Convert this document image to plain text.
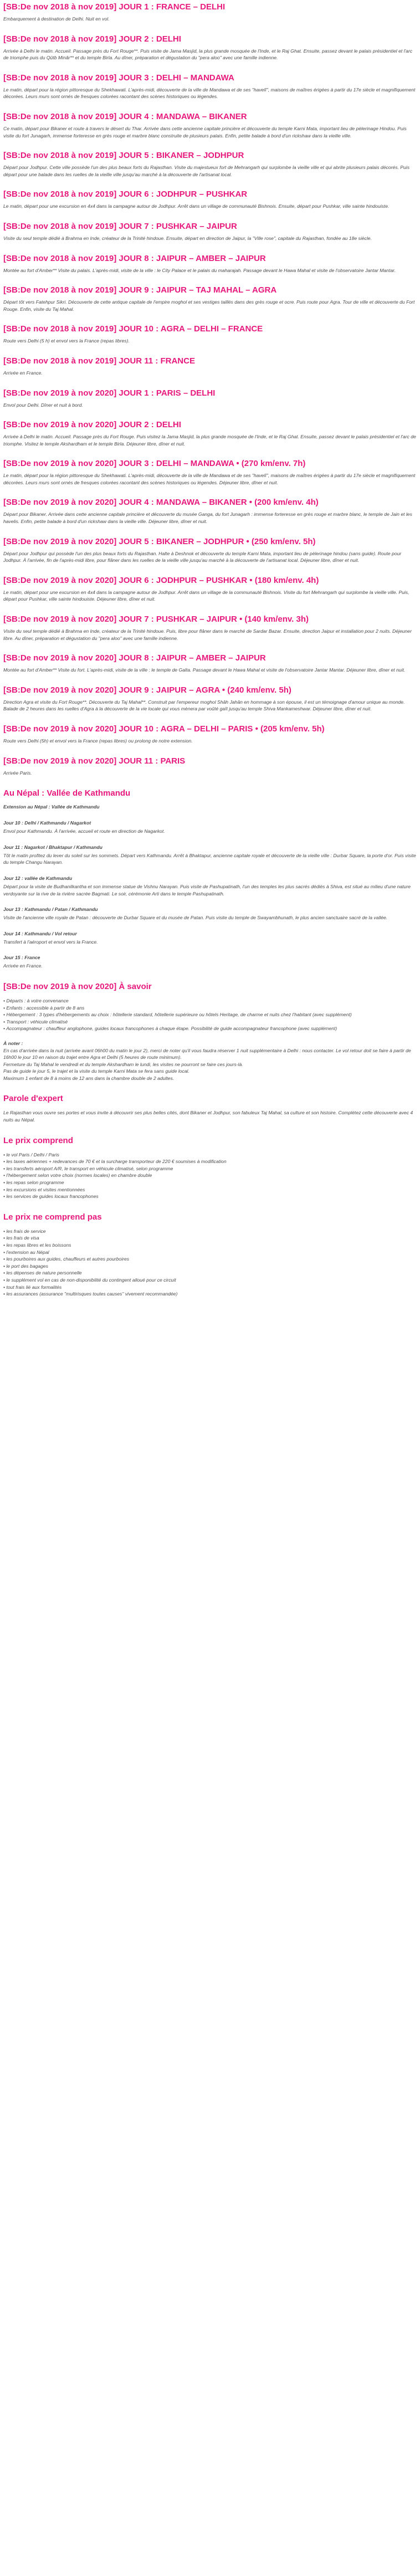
[SB:De nov 2018 à nov 2019] JOUR 1 : FRANCE – DELHI

Embarquement à destination de Delhi. Nuit en vol.

[SB:De nov 2018 à nov 2019] JOUR 2 : DELHI

Arrivée à Delhi le matin. Accueil. Passage près du Fort Rouge**. Puis visite de Jama Masjid, la plus grande mosquée de l'Inde, et le Raj Ghat. Ensuite, passez devant le palais présidentiel et l'arc de triomphe puis du Qûtb Minâr** et du temple Birla. Au dîner, préparation et dégustation du "pera aloo" avec une famille indienne.

[SB:De nov 2018 à nov 2019] JOUR 3 : DELHI – MANDAWA

Le matin, départ pour la région pittoresque du Shekhawati. L'après-midi, découverte de la ville de Mandawa et de ses "havelî", maisons de maîtres érigées à partir du 17e siècle et magnifiquement décorées. Leurs murs sont ornés de fresques colorées racontant des scènes historiques ou légendes.

[SB:De nov 2018 à nov 2019] JOUR 4 : MANDAWA – BIKANER

Ce matin, départ pour Bikaner et route à travers le désert du Thar. Arrivée dans cette ancienne capitale princière et découverte du temple Karni Mata, important lieu de pèlerinage Hindou. Puis visite du fort Junagarh, immense forteresse en grès rouge et marbre blanc construite de plusieurs palais. Enfin, petite balade à bord d'un rickshaw dans la vieille ville.

[SB:De nov 2018 à nov 2019] JOUR 5 : BIKANER – JODHPUR

Départ pour Jodhpur. Cette ville possède l'un des plus beaux forts du Rajasthan. Visite du majestueux fort de Mehrangarh qui surplombe la vieille ville et qui abrite plusieurs palais décorés. Puis départ pour une balade dans les ruelles de la vieille ville jusqu'au marché à la découverte de l'artisanat local.

[SB:De nov 2018 à nov 2019] JOUR 6 : JODHPUR – PUSHKAR

Le matin, départ pour une excursion en 4x4 dans la campagne autour de Jodhpur. Arrêt dans un village de communauté Bishnois. Ensuite, départ pour Pushkar, ville sainte hindouiste.

[SB:De nov 2018 à nov 2019] JOUR 7 : PUSHKAR – JAIPUR

Visite du seul temple dédié à Brahma en Inde, créateur de la Trinité hindoue. Ensuite, départ en direction de Jaipur, la "Ville rose", capitale du Rajasthan, fondée au 18e siècle.

[SB:De nov 2018 à nov 2019] JOUR 8 : JAIPUR – AMBER – JAIPUR

Montée au fort d'Amber** Visite du palais. L'après-midi, visite de la ville : le City Palace et le palais du maharajah. Passage devant le Hawa Mahal et visite de l'observatoire Jantar Mantar.

[SB:De nov 2018 à nov 2019] JOUR 9 : JAIPUR – TAJ MAHAL – AGRA

Départ tôt vers Fatehpur Sikri. Découverte de cette antique capitale de l'empire moghol et ses vestiges taillés dans des grès rouge et ocre. Puis route pour Agra. Tour de ville et découverte du Fort Rouge. Enfin, visite du Taj Mahal.

[SB:De nov 2018 à nov 2019] JOUR 10 : AGRA – DELHI – FRANCE

Route vers Delhi (5 h) et envol vers la France (repas libres).

[SB:De nov 2018 à nov 2019] JOUR 11 : FRANCE

Arrivée en France.

[SB:De nov 2019 à nov 2020] JOUR 1 : PARIS – DELHI

Envol pour Delhi. Dîner et nuit à bord.

[SB:De nov 2019 à nov 2020] JOUR 2 : DELHI

Arrivée à Delhi le matin. Accueil. Passage près du Fort Rouge. Puis visitez la Jama Masjid, la plus grande mosquée de l'Inde, et le Raj Ghat. Ensuite, passez devant le palais présidentiel et l'arc de triomphe. Visitez le temple Akshardham et le temple Birla. Déjeuner libre, dîner et nuit.

[SB:De nov 2019 à nov 2020] JOUR 3 : DELHI – MANDAWA • (270 km/env. 7h)

Le matin, départ pour la région pittoresque du Shekhawati. L'après-midi, découverte de la ville de Mandawa et de ses "havelî", maisons de maîtres érigées à partir du 17e siècle et magnifiquement décorées. Leurs murs sont ornés de fresques colorées racontant des scènes historiques ou légendes. Déjeuner libre, dîner et nuit.

[SB:De nov 2019 à nov 2020] JOUR 4 : MANDAWA – BIKANER • (200 km/env. 4h)

Départ pour Bikaner. Arrivée dans cette ancienne capitale princière et découverte du musée Ganga, du fort Junagarh : immense forteresse en grès rouge et marbre blanc, le temple de Jain et les havelis. Enfin, petite balade à bord d'un rickshaw dans la vieille ville. Déjeuner libre, dîner et nuit.

[SB:De nov 2019 à nov 2020] JOUR 5 : BIKANER – JODHPUR • (250 km/env. 5h)

Départ pour Jodhpur qui possède l'un des plus beaux forts du Rajasthan. Halte à Deshnok et découverte du temple Karni Mata, important lieu de pèlerinage hindou (sans guide). Route pour Jodhpur. À l'arrivée, fin de l'après-midi libre, pour flâner dans les ruelles de la vieille ville jusqu'au marché à la découverte de l'artisanat local. Déjeuner libre, dîner et nuit.

[SB:De nov 2019 à nov 2020] JOUR 6 : JODHPUR – PUSHKAR • (180 km/env. 4h)

Le matin, départ pour une excursion en 4x4 dans la campagne autour de Jodhpur. Arrêt dans un village de la communauté Bishnois. Visite du fort Mehrangarh qui surplombe la vieille ville. Puis, départ pour Pushkar, ville sainte hindouiste. Déjeuner libre, dîner et nuit.

[SB:De nov 2019 à nov 2020] JOUR 7 : PUSHKAR – JAIPUR • (140 km/env. 3h)

Visite du seul temple dédié à Brahma en Inde, créateur de la Trinité hindoue. Puis, libre pour flâner dans le marché de Sardar Bazar. Ensuite, direction Jaipur et installation pour 2 nuits. Déjeuner libre. Au dîner, préparation et dégustation du "pera aloo" avec une famille indienne.

[SB:De nov 2019 à nov 2020] JOUR 8 : JAIPUR – AMBER – JAIPUR

Montée au fort d'Amber** Visite du fort. L'après-midi, visite de la ville : le temple de Galta. Passage devant le Hawa Mahal et visite de l'observatoire Jantar Mantar. Déjeuner libre, dîner et nuit.

[SB:De nov 2019 à nov 2020] JOUR 9 : JAIPUR – AGRA • (240 km/env. 5h)

Direction Agra et visite du Fort Rouge**. Découverte du Taj Mahal**. Construit par l'empereur moghol Shâh Jahân en hommage à son épouse, il est un témoignage d'amour unique au monde. Balade de 2 heures dans les ruelles d'Agra à la découverte de la vie locale qui vous mènera par voûté gaît jusqu'au temple Shiva Mankameshwar. Déjeuner libre, dîner et nuit.

[SB:De nov 2019 à nov 2020] JOUR 10 : AGRA – DELHI – PARIS • (205 km/env. 5h)

Route vers Delhi (5h) et envol vers la France (repas libres) ou prolong de notre extension.

[SB:De nov 2019 à nov 2020] JOUR 11 : PARIS

Arrivée Paris.

Au Népal : Vallée de Kathmandu
Extension au Népal : Vallée de Kathmandu
Jour 10 : Delhi / Kathmandu / Nagarkot

Envol pour Kathmandu. À l'arrivée, accueil et route en direction de Nagarkot.

Jour 11 : Nagarkot / Bhaktapur / Kathmandu

Tôt le matin profitez du lever du soleil sur les sommets. Départ vers Kathmandu. Arrêt à Bhaktapur, ancienne capitale royale et découverte de la vieille ville : Durbar Square, la porte d'or. Puis visite du temple Changu Narayan.

Jour 12 : vallée de Kathmandu

Départ pour la visite de Budhanilkantha et son immense statue de Vishnu Narayan. Puis visite de Pashupatinath, l'un des temples les plus sacrés dédiés à Shiva, est situé au milieu d'une nature verdoyante sur la rive de la rivière sacrée Bagmati. Le soir, cérémonie Arti dans le temple Pashupatinath.

Jour 13 : Kathmandu / Patan / Kathmandu

Visite de l'ancienne ville royale de Patan : découverte de Durbar Square et du musée de Patan. Puis visite du temple de Swayambhunath, le plus ancien sanctuaire sacré de la vallée.

Jour 14 : Kathmandu / Vol retour

Transfert à l'aéroport et envol vers la France.

Jour 15 : France

Arrivée en France.

[SB:De nov 2019 à nov 2020] À savoir
• Départs : à votre convenance
• Enfants : accessible à partir de 8 ans
• Hébergement : 3 types d'hébergements au choix : hôtellerie standard, hôtellerie supérieure ou hôtels Heritage, de charme et nuits chez l'habitant (avec supplément)
• Transport : véhicule climatisé
• Accompagnateur : chauffeur anglophone, guides locaux francophones à chaque étape. Possibilité de guide accompagnateur francophone (avec supplément)
À noter :

En cas d'arrivée dans la nuit (arrivée avant 06h00 du matin le jour 2), merci de noter qu'il vous faudra réserver 1 nuit supplémentaire à Delhi : nous contacter. Le vol retour doit se faire à partir de 16h00 le jour 10 en raison du trajet entre Agra et Delhi (5 heures de route minimum).

Fermeture du Taj Mahal le vendredi et du temple Akshardham le lundi, les visites ne pourront se faire ces jours-là.

Pas de guide le jour 5, le trajet et la visite du temple Karni Mata se fera sans guide local.

Maximum 1 enfant de 8 à moins de 12 ans dans la chambre double de 2 adultes.

Parole d'expert

Le Rajasthan vous ouvre ses portes et vous invite à découvrir ses plus belles cités, dont Bikaner et Jodhpur, son fabuleux Taj Mahal, sa culture et son histoire. Complétez cette découverte avec 4 nuits au Népal.

Le prix comprend
• le vol Paris / Delhi / Paris
• les taxes aériennes + redevances de 70 € et la surcharge transporteur de 220 € soumises à modification
• les transferts aéroport A/R, le transport en véhicule climatisé, selon programme
• l'hébergement selon votre choix (normes locales) en chambre double
• les repas selon programme
• les excursions et visites mentionnées
• les services de guides locaux francophones
Le prix ne comprend pas
• les frais de service
• les frais de visa
• les repas libres et les boissons
• l'extension au Népal
• les pourboires aux guides, chauffeurs et autres pourboires
• le port des bagages
• les dépenses de nature personnelle
• le supplément vol en cas de non-disponibilité du contingent alloué pour ce circuit
• tout frais lié aux formalités
• les assurances (assurance "multirisques toutes causes" vivement recommandée)
